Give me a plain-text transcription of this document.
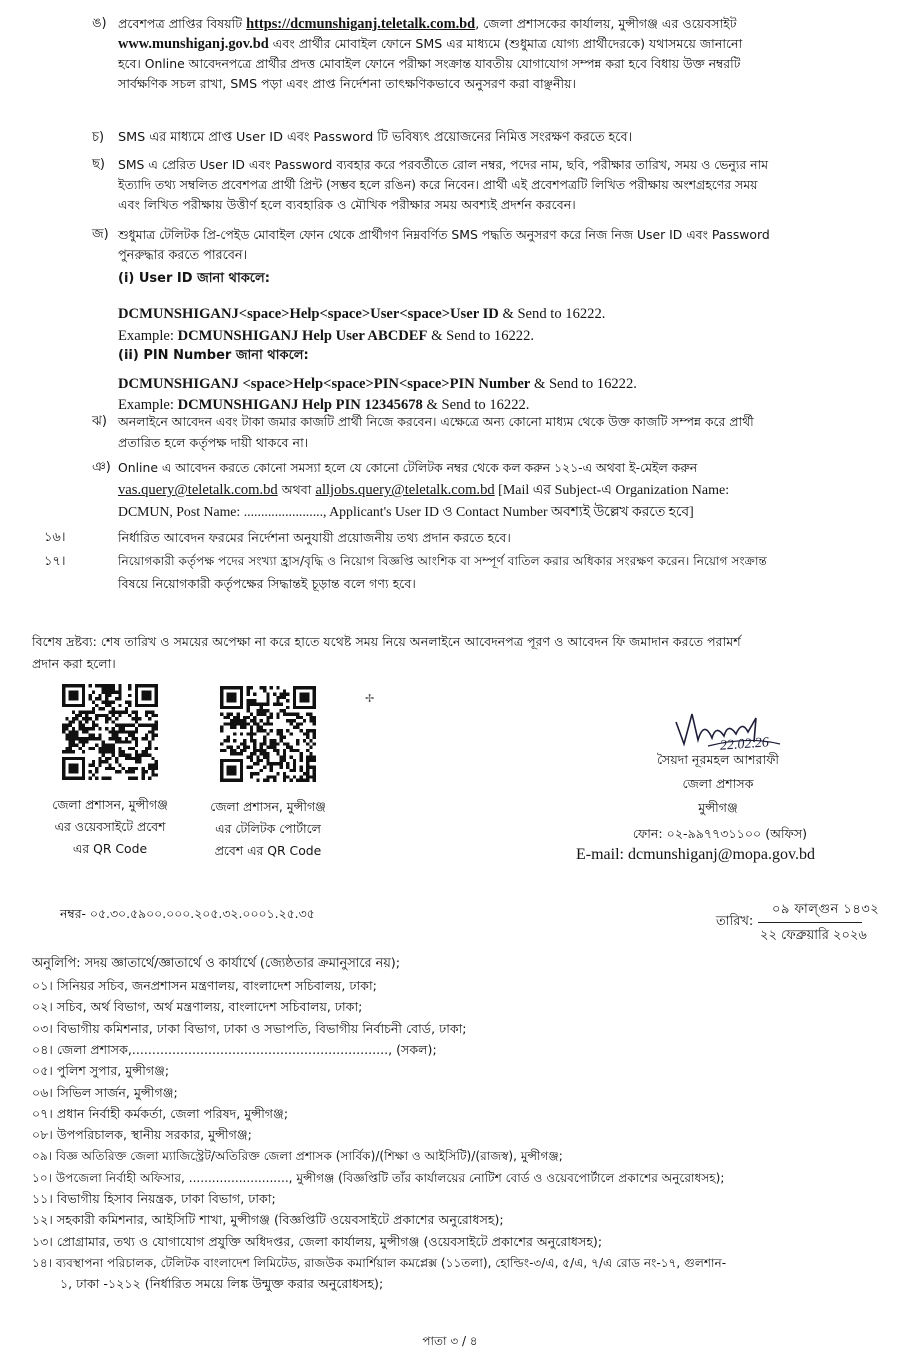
ঙ) প্রবেশপত্র প্রাপ্তির বিষয়টি https://dcmunshiganj.teletalk.com.bd, জেলা প্রশাসকের কার্যালয়, মুন্সীগঞ্জ এর ওয়েবসাইট
www.munshiganj.gov.bd এবং প্রার্থীর মোবাইল ফোনে SMS এর মাধ্যমে (শুধুমাত্র যোগ্য প্রার্থীদেরকে) যথাসময়ে জানানো
হবে। Online আবেদনপত্রে প্রার্থীর প্রদত্ত মোবাইল ফোনে পরীক্ষা সংক্রান্ত যাবতীয় যোগাযোগ সম্পন্ন করা হবে বিধায় উক্ত নম্বরটি
সার্বক্ষণিক সচল রাখা, SMS পড়া এবং প্রাপ্ত নির্দেশনা তাৎক্ষণিকভাবে অনুসরণ করা বাঞ্ছনীয়।
চ) SMS এর মাধ্যমে প্রাপ্ত User ID এবং Password টি ভবিষ্যৎ প্রয়োজনের নিমিত্ত সংরক্ষণ করতে হবে।
ছ) SMS এ প্রেরিত User ID এবং Password ব্যবহার করে পরবর্তীতে রোল নম্বর, পদের নাম, ছবি, পরীক্ষার তারিখ, সময় ও ভেন্যুর নাম
ইত্যাদি তথ্য সম্বলিত প্রবেশপত্র প্রার্থী প্রিন্ট (সম্ভব হলে রঙিন) করে নিবেন। প্রার্থী এই প্রবেশপত্রটি লিখিত পরীক্ষায় অংশগ্রহণের সময়
এবং লিখিত পরীক্ষায় উত্তীর্ণ হলে ব্যবহারিক ও মৌখিক পরীক্ষার সময় অবশ্যই প্রদর্শন করবেন।
জ) শুধুমাত্র টেলিটক প্রি-পেইড মোবাইল ফোন থেকে প্রার্থীগণ নিম্নবর্ণিত SMS পদ্ধতি অনুসরণ করে নিজ নিজ User ID এবং Password
পুনরুদ্ধার করতে পারবেন।
(i) User ID জানা থাকলে:
DCMUNSHIGANJ<space>Help<space>User<space>User ID & Send to 16222.
Example: DCMUNSHIGANJ Help User ABCDEF & Send to 16222.
(ii) PIN Number জানা থাকলে:
DCMUNSHIGANJ <space>Help<space>PIN<space>PIN Number & Send to 16222.
Example: DCMUNSHIGANJ Help PIN 12345678 & Send to 16222.
ঝ) অনলাইনে আবেদন এবং টাকা জমার কাজটি প্রার্থী নিজে করবেন। এক্ষেত্রে অন্য কোনো মাধ্যম থেকে উক্ত কাজটি সম্পন্ন করে প্রার্থী
প্রতারিত হলে কর্তৃপক্ষ দায়ী থাকবে না।
ঞ) Online এ আবেদন করতে কোনো সমস্যা হলে যে কোনো টেলিটক নম্বর থেকে কল করুন ১২১-এ অথবা ই-মেইল করুন
vas.query@teletalk.com.bd অথবা alljobs.query@teletalk.com.bd [Mail এর Subject-এ Organization Name:
DCMUN, Post Name: ......................., Applicant's User ID ও Contact Number অবশ্যই উল্লেখ করতে হবে]
১৬।	নির্ধারিত আবেদন ফরমের নির্দেশনা অনুযায়ী প্রয়োজনীয় তথ্য প্রদান করতে হবে।
১৭।	নিয়োগকারী কর্তৃপক্ষ পদের সংখ্যা হ্রাস/বৃদ্ধি ও নিয়োগ বিজ্ঞপ্তি আংশিক বা সম্পূর্ণ বাতিল করার অধিকার সংরক্ষণ করেন। নিয়োগ সংক্রান্ত
বিষয়ে নিয়োগকারী কর্তৃপক্ষের সিদ্ধান্তই চূড়ান্ত বলে গণ্য হবে।
বিশেষ দ্রষ্টব্য: শেষ তারিখ ও সময়ের অপেক্ষা না করে হাতে যথেষ্ট সময় নিয়ে অনলাইনে আবেদনপত্র পূরণ ও আবেদন ফি জমাদান করতে পরামর্শ
প্রদান করা হলো।
✢
জেলা প্রশাসন, মুন্সীগঞ্জ
এর ওয়েবসাইটে প্রবেশ
এর QR Code
জেলা প্রশাসন, মুন্সীগঞ্জ
এর টেলিটক পোর্টালে
প্রবেশ এর QR Code
22.02.26
সৈয়দা নূরমহল আশরাফী
জেলা প্রশাসক
মুন্সীগঞ্জ
ফোন: ০২-৯৯৭৭৩১১০০ (অফিস)
E-mail: dcmunshiganj@mopa.gov.bd
নম্বর- ০৫.৩০.৫৯০০.০০০.২০৫.৩২.০০০১.২৫.৩৫
তারিখ:
০৯ ফাল্গুন ১৪৩২
২২ ফেব্রুয়ারি ২০২৬
অনুলিপি: সদয় জ্ঞাতার্থে/জ্ঞাতার্থে ও কার্যার্থে (জ্যেষ্ঠতার ক্রমানুসারে নয়);
০১। সিনিয়র সচিব, জনপ্রশাসন মন্ত্রণালয়, বাংলাদেশ সচিবালয়, ঢাকা;
০২। সচিব, অর্থ বিভাগ, অর্থ মন্ত্রণালয়, বাংলাদেশ সচিবালয়, ঢাকা;
০৩। বিভাগীয় কমিশনার, ঢাকা বিভাগ, ঢাকা ও সভাপতি, বিভাগীয় নির্বাচনী বোর্ড, ঢাকা;
০৪। জেলা প্রশাসক,................................................................, (সকল);
০৫। পুলিশ সুপার, মুন্সীগঞ্জ;
০৬। সিভিল সার্জন, মুন্সীগঞ্জ;
০৭। প্রধান নির্বাহী কর্মকর্তা, জেলা পরিষদ, মুন্সীগঞ্জ;
০৮। উপপরিচালক, স্থানীয় সরকার, মুন্সীগঞ্জ;
০৯। বিজ্ঞ অতিরিক্ত জেলা ম্যাজিস্ট্রেট/অতিরিক্ত জেলা প্রশাসক (সার্বিক)/(শিক্ষা ও আইসিটি)/(রাজস্ব), মুন্সীগঞ্জ;
১০। উপজেলা নির্বাহী অফিসার, .........................., মুন্সীগঞ্জ (বিজ্ঞপ্তিটি তাঁর কার্যালয়ের নোটিশ বোর্ড ও ওয়েবপোর্টালে প্রকাশের অনুরোধসহ);
১১। বিভাগীয় হিসাব নিয়ন্ত্রক, ঢাকা বিভাগ, ঢাকা;
১২। সহকারী কমিশনার, আইসিটি শাখা, মুন্সীগঞ্জ (বিজ্ঞপ্তিটি ওয়েবসাইটে প্রকাশের অনুরোধসহ);
১৩। প্রোগ্রামার, তথ্য ও যোগাযোগ প্রযুক্তি অধিদপ্তর, জেলা কার্যালয়, মুন্সীগঞ্জ (ওয়েবসাইটে প্রকাশের অনুরোধসহ);
১৪। ব্যবস্থাপনা পরিচালক, টেলিটক বাংলাদেশ লিমিটেড, রাজউক কমার্শিয়াল কমপ্লেক্স (১১তলা), হোল্ডিং-৩/এ, ৫/এ, ৭/এ রোড নং-১৭, গুলশান-
১, ঢাকা -১২১২ (নির্ধারিত সময়ে লিঙ্ক উন্মুক্ত করার অনুরোধসহ);
পাতা ৩ / ৪
